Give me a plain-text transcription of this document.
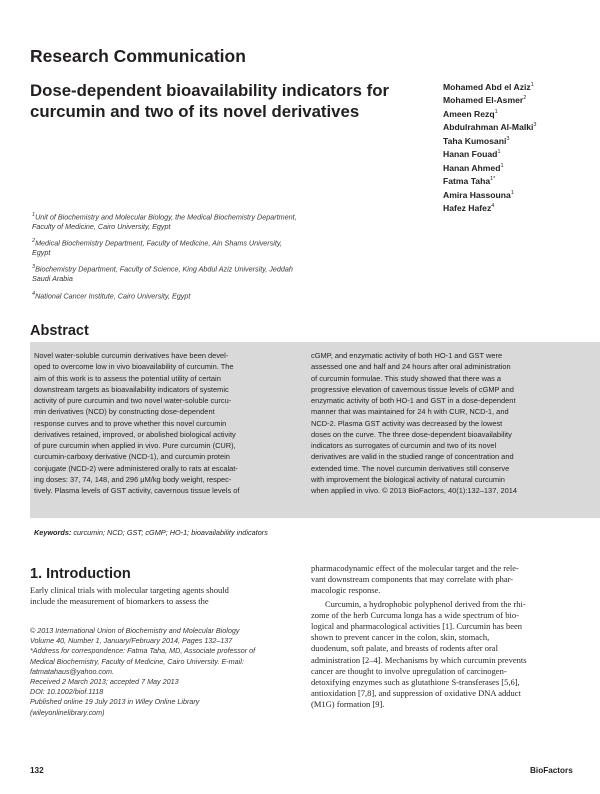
Research Communication
Dose-dependent bioavailability indicators for curcumin and two of its novel derivatives
Mohamed Abd el Aziz$^1$
Mohamed El-Asmer$^2$
Ameen Rezq$^1$
Abdulrahman Al-Malki$^3$
Taha Kumosani$^3$
Hanan Fouad$^1$
Hanan Ahmed$^1$
Fatma Taha$^{1*}$
Amira Hassouna$^1$
Hafez Hafez$^4$
$^1$Unit of Biochemistry and Molecular Biology, the Medical Biochemistry Department, Faculty of Medicine, Cairo University, Egypt
$^2$Medical Biochemistry Department, Faculty of Medicine, Ain Shams University, Egypt
$^3$Biochemistry Department, Faculty of Science, King Abdul Aziz University, Jeddah Saudi Arabia
$^4$National Cancer Institute, Cairo University, Egypt
Abstract
Novel water-soluble curcumin derivatives have been devel-
oped to overcome low in vivo bioavailability of curcumin. The
aim of this work is to assess the potential utility of certain
downstream targets as bioavailability indicators of systemic
activity of pure curcumin and two novel water-soluble curcu-
min derivatives (NCD) by constructing dose-dependent
response curves and to prove whether this novel curcumin
derivatives retained, improved, or abolished biological activity
of pure curcumin when applied in vivo. Pure curcumin (CUR),
curcumin-carboxy derivative (NCD-1), and curcumin protein
conjugate (NCD-2) were administered orally to rats at escalat-
ing doses: 37, 74, 148, and 296 μM/kg body weight, respec-
tively. Plasma levels of GST activity, cavernous tissue levels of
cGMP, and enzymatic activity of both HO-1 and GST were
assessed one and half and 24 hours after oral administration
of curcumin formulae. This study showed that there was a
progressive elevation of cavernous tissue levels of cGMP and
enzymatic activity of both HO-1 and GST in a dose-dependent
manner that was maintained for 24 h with CUR, NCD-1, and
NCD-2. Plasma GST activity was decreased by the lowest
doses on the curve. The three dose-dependent bioavailability
indicators as surrogates of curcumin and two of its novel
derivatives are valid in the studied range of concentration and
extended time. The novel curcumin derivatives still conserve
with improvement the biological activity of natural curcumin
when applied in vivo. © 2013 BioFactors, 40(1):132–137, 2014
Keywords: curcumin; NCD; GST; cGMP; HO-1; bioavailability indicators
1. Introduction
Early clinical trials with molecular targeting agents should
include the measurement of biomarkers to assess the
© 2013 International Union of Biochemistry and Molecular Biology
Volume 40, Number 1, January/February 2014, Pages 132–137
*Address for correspondence: Fatma Taha, MD, Associate professor of
Medical Biochemistry, Faculty of Medicine, Cairo University. E-mail:
fatmatahaus@yahoo.com.
Received 2 March 2013; accepted 7 May 2013
DOI: 10.1002/biof.1118
Published online 19 July 2013 in Wiley Online Library
(wileyonlinelibrary.com)
pharmacodynamic effect of the molecular target and the rele-
vant downstream components that may correlate with phar-
macologic response.
Curcumin, a hydrophobic polyphenol derived from the rhi-
zome of the herb Curcuma longa has a wide spectrum of bio-
logical and pharmacological activities [1]. Curcumin has been
shown to prevent cancer in the colon, skin, stomach,
duodenum, soft palate, and breasts of rodents after oral
administration [2–4]. Mechanisms by which curcumin prevents
cancer are thought to involve upregulation of carcinogen-
detoxifying enzymes such as glutathione S-transferases [5,6],
antioxidation [7,8], and suppression of oxidative DNA adduct
(M1G) formation [9].
132	BioFactors
